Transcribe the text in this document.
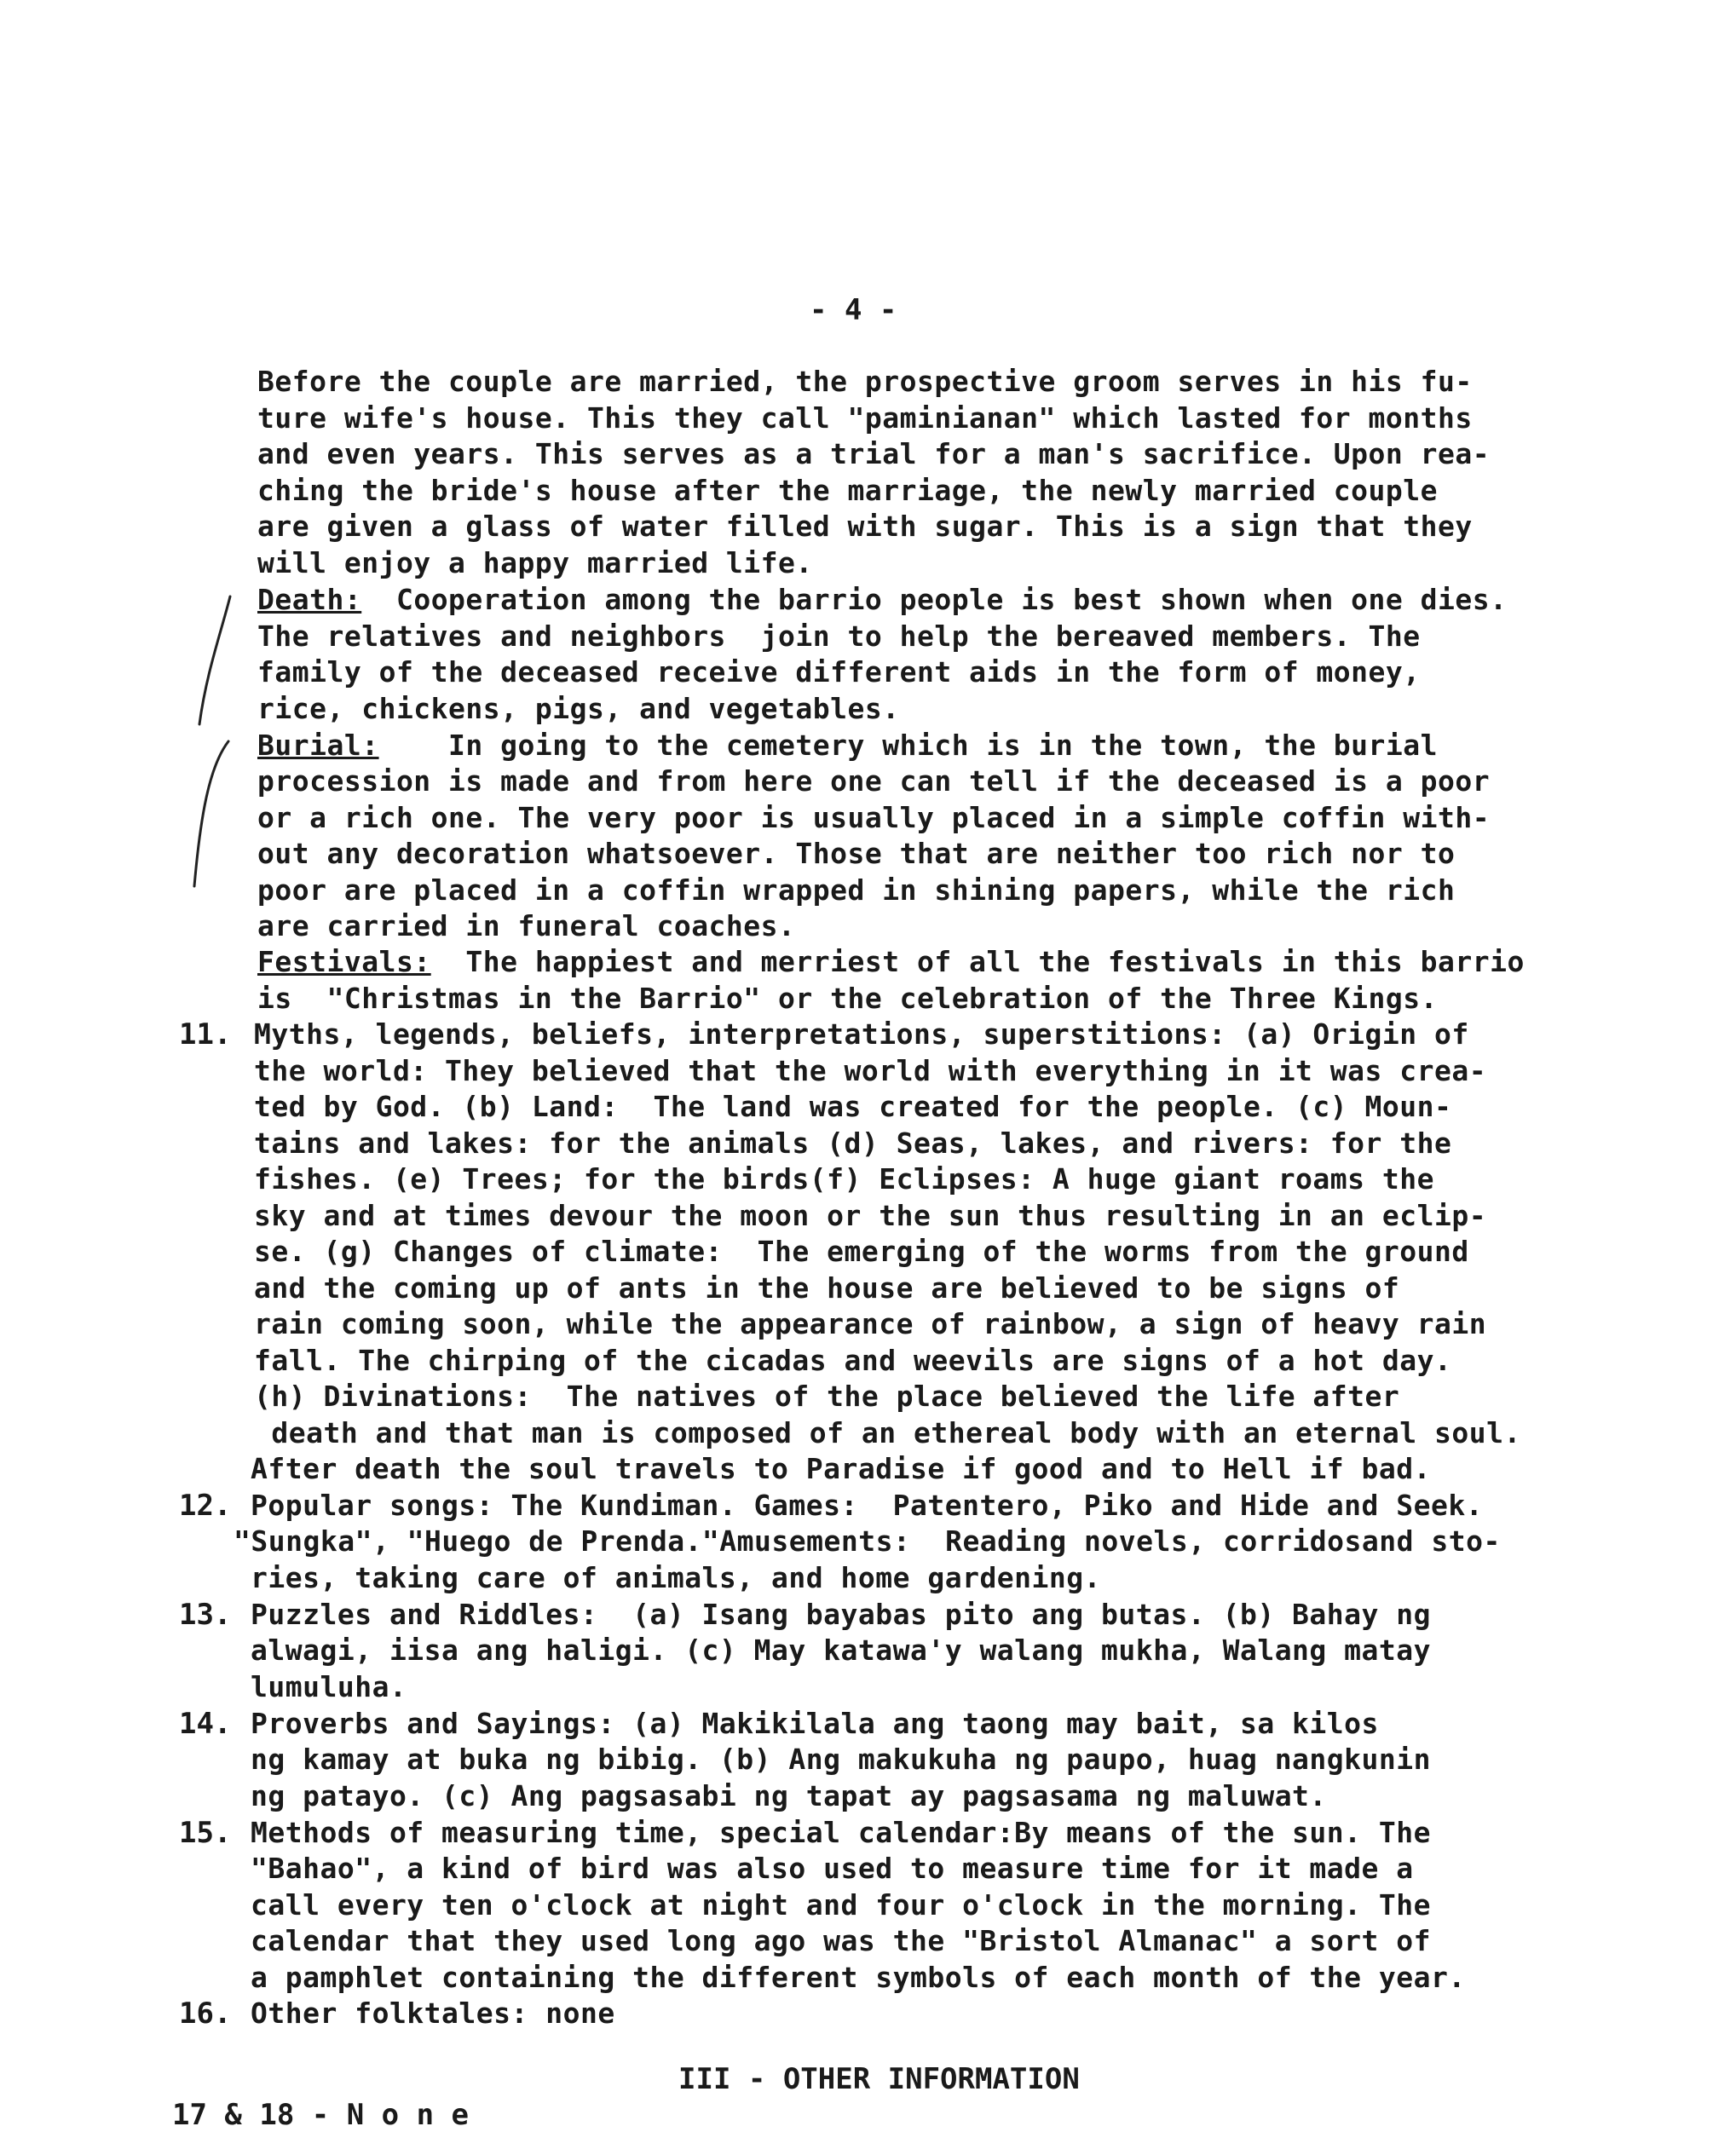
- 4 -
Before the couple are married, the prospective groom serves in his fu-
ture wife's house. This they call "paminianan" which lasted for months
and even years. This serves as a trial for a man's sacrifice. Upon rea-
ching the bride's house after the marriage, the newly married couple
are given a glass of water filled with sugar. This is a sign that they
will enjoy a happy married life.
Death:  Cooperation among the barrio people is best shown when one dies.
The relatives and neighbors  join to help the bereaved members. The
family of the deceased receive different aids in the form of money,
rice, chickens, pigs, and vegetables.
Burial:    In going to the cemetery which is in the town, the burial
procession is made and from here one can tell if the deceased is a poor
or a rich one. The very poor is usually placed in a simple coffin with-
out any decoration whatsoever. Those that are neither too rich nor to
poor are placed in a coffin wrapped in shining papers, while the rich
are carried in funeral coaches.
Festivals:  The happiest and merriest of all the festivals in this barrio
is  "Christmas in the Barrio" or the celebration of the Three Kings.
11. Myths, legends, beliefs, interpretations, superstitions: (a) Origin of
the world: They believed that the world with everything in it was crea-
ted by God. (b) Land:  The land was created for the people. (c) Moun-
tains and lakes: for the animals (d) Seas, lakes, and rivers: for the
fishes. (e) Trees; for the birds(f) Eclipses: A huge giant roams the
sky and at times devour the moon or the sun thus resulting in an eclip-
se. (g) Changes of climate:  The emerging of the worms from the ground
and the coming up of ants in the house are believed to be signs of
rain coming soon, while the appearance of rainbow, a sign of heavy rain
fall. The chirping of the cicadas and weevils are signs of a hot day.
(h) Divinations:  The natives of the place believed the life after
death and that man is composed of an ethereal body with an eternal soul.
After death the soul travels to Paradise if good and to Hell if bad.
12. Popular songs: The Kundiman. Games:  Patentero, Piko and Hide and Seek.
"Sungka", "Huego de Prenda."Amusements:  Reading novels, corridosand sto-
ries, taking care of animals, and home gardening.
13. Puzzles and Riddles:  (a) Isang bayabas pito ang butas. (b) Bahay ng
alwagi, iisa ang haligi. (c) May katawa'y walang mukha, Walang matay
lumuluha.
14. Proverbs and Sayings: (a) Makikilala ang taong may bait, sa kilos
ng kamay at buka ng bibig. (b) Ang makukuha ng paupo, huag nangkunin
ng patayo. (c) Ang pagsasabi ng tapat ay pagsasama ng maluwat.
15. Methods of measuring time, special calendar:By means of the sun. The
"Bahao", a kind of bird was also used to measure time for it made a
call every ten o'clock at night and four o'clock in the morning. The
calendar that they used long ago was the "Bristol Almanac" a sort of
a pamphlet containing the different symbols of each month of the year.
16. Other folktales: none
III - OTHER INFORMATION
17 & 18 - N o n e
